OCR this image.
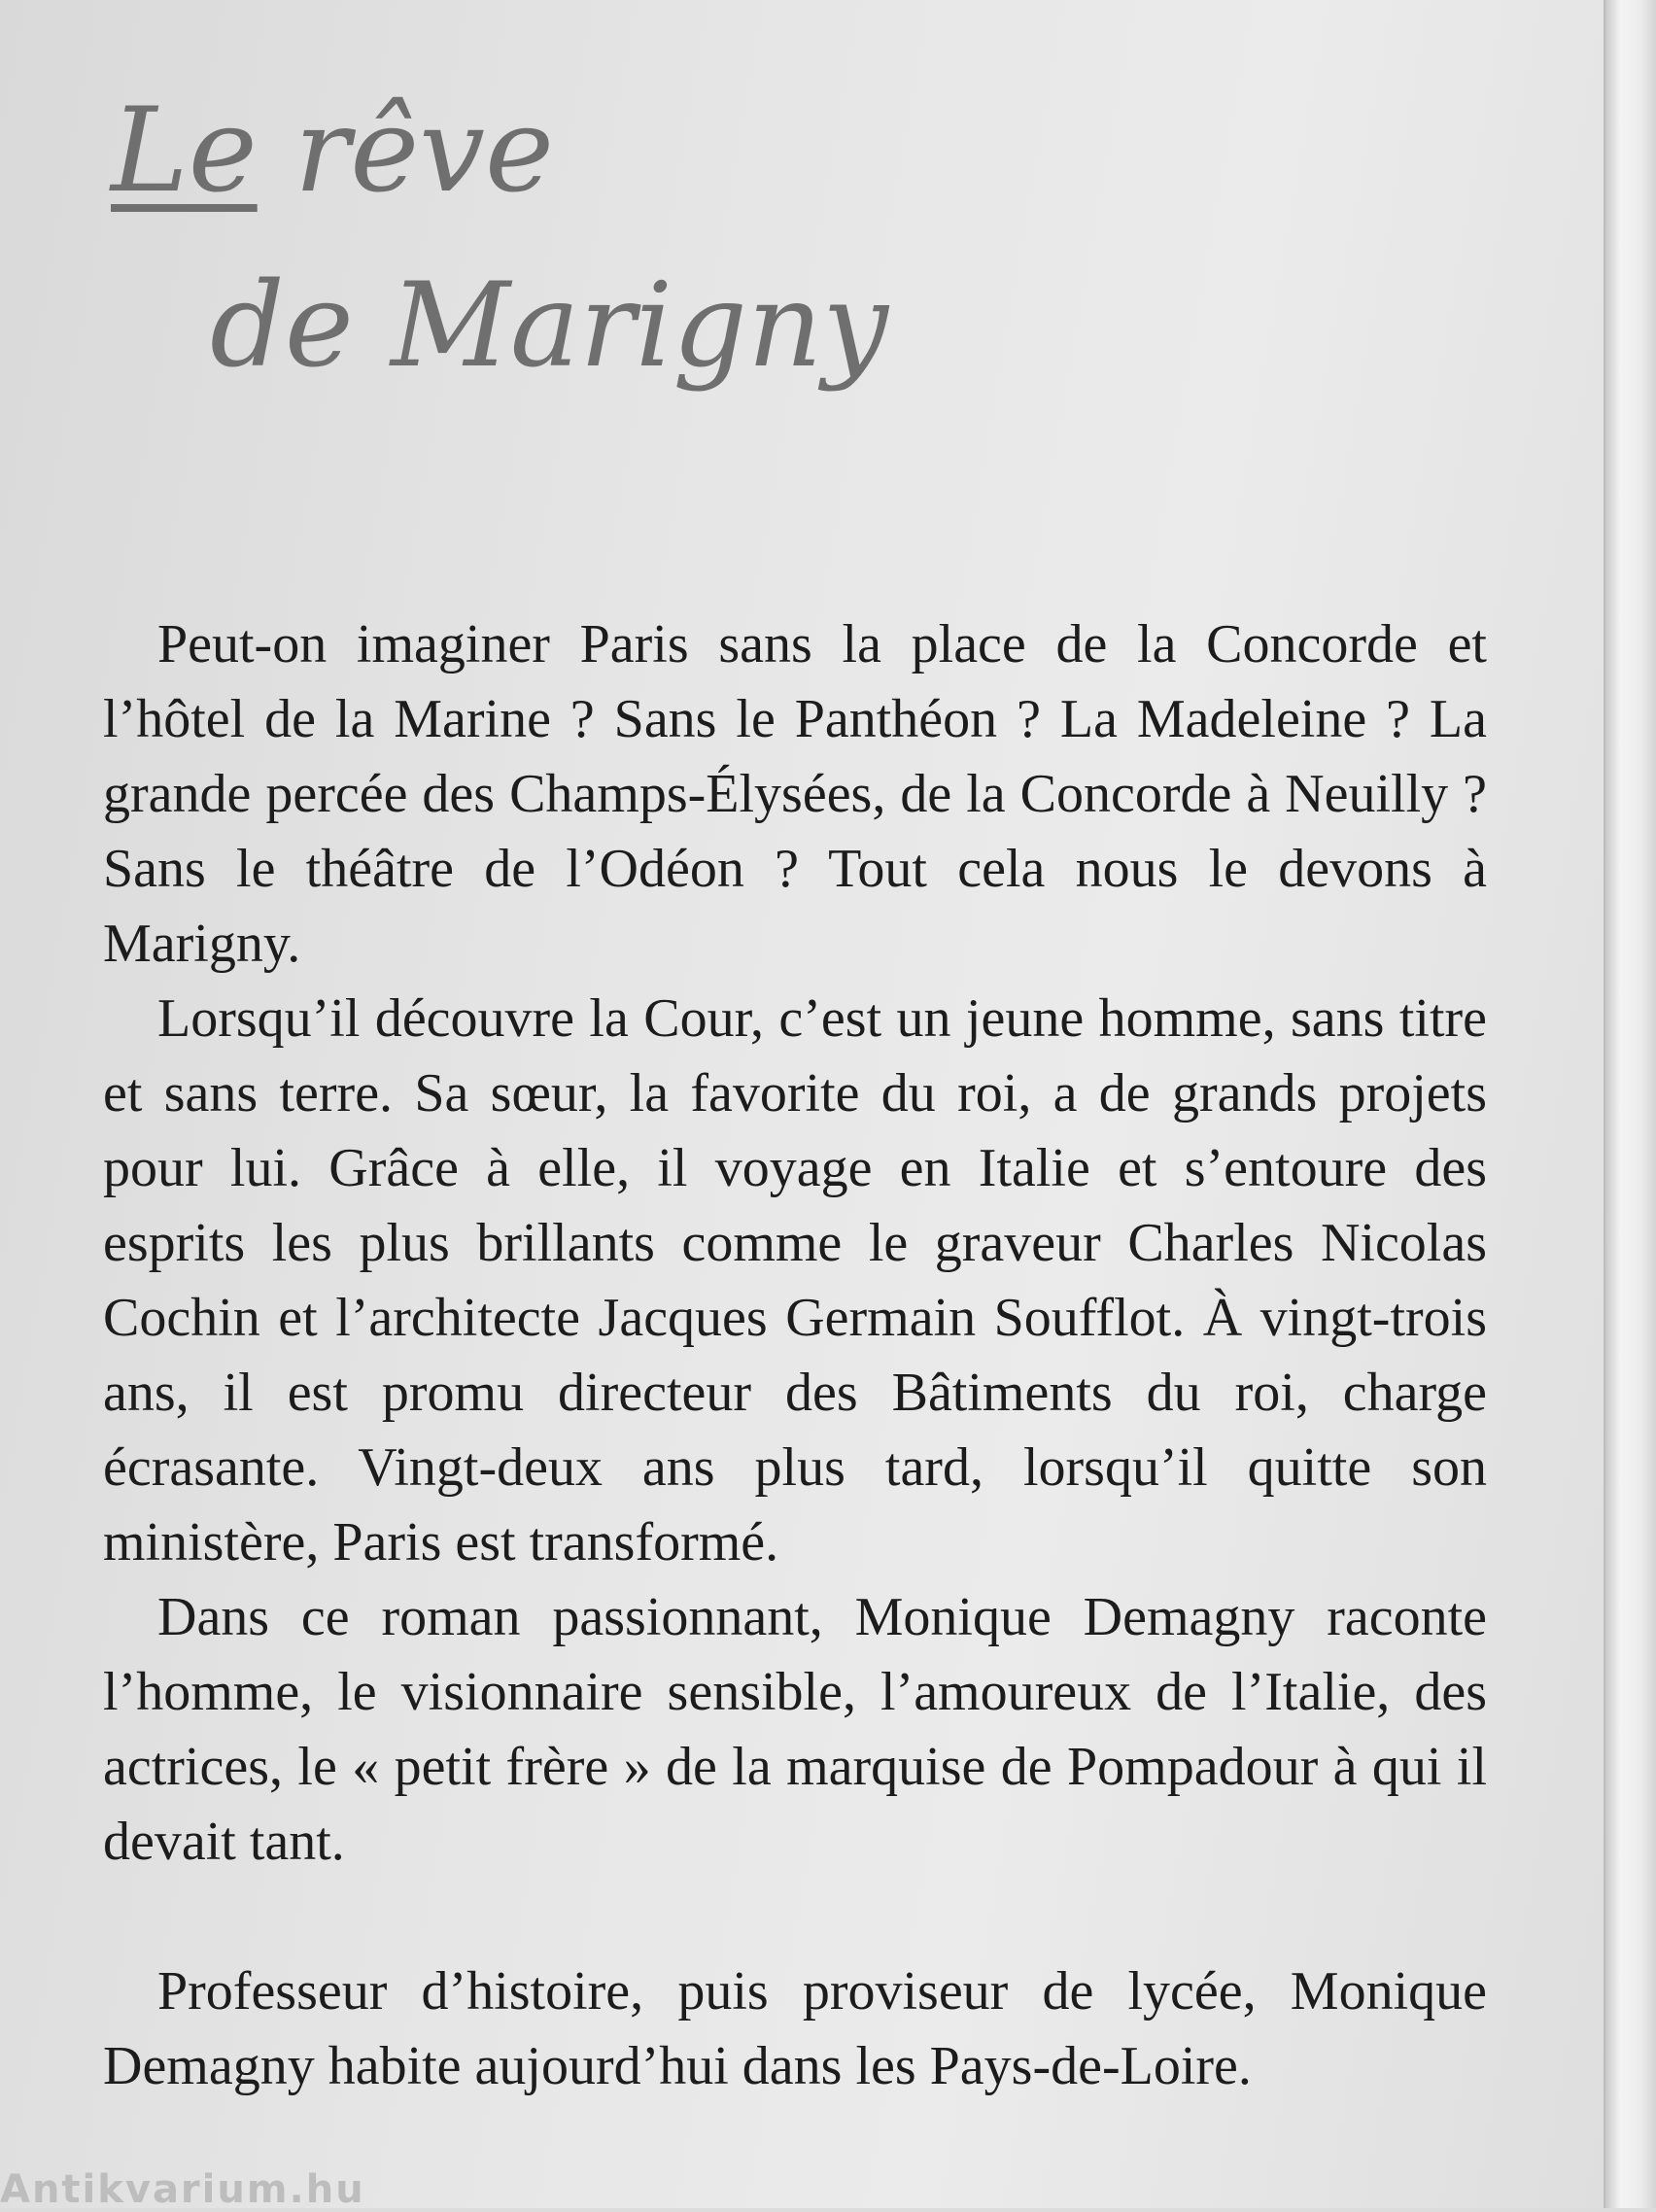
Le rêve
de Marigny

Peut-on imaginer Paris sans la place de la Concorde et l’hôtel de la Marine ? Sans le Panthéon ? La Madeleine ? La grande percée des Champs-Élysées, de la Concorde à Neuilly ? Sans le théâtre de l’Odéon ? Tout cela nous le devons à Marigny.

Lorsqu’il découvre la Cour, c’est un jeune homme, sans titre et sans terre. Sa sœur, la favorite du roi, a de grands projets pour lui. Grâce à elle, il voyage en Italie et s’entoure des esprits les plus brillants comme le graveur Charles Nicolas Cochin et l’architecte Jacques Germain Soufflot. À vingt-trois ans, il est promu directeur des Bâtiments du roi, charge écrasante. Vingt-deux ans plus tard, lorsqu’il quitte son ministère, Paris est transformé.

Dans ce roman passionnant, Monique Demagny raconte l’homme, le visionnaire sensible, l’amoureux de l’Italie, des actrices, le « petit frère » de la marquise de Pompadour à qui il devait tant.

Professeur d’histoire, puis proviseur de lycée, Monique Demagny habite aujourd’hui dans les Pays-de-Loire.

Antikvarium.hu
